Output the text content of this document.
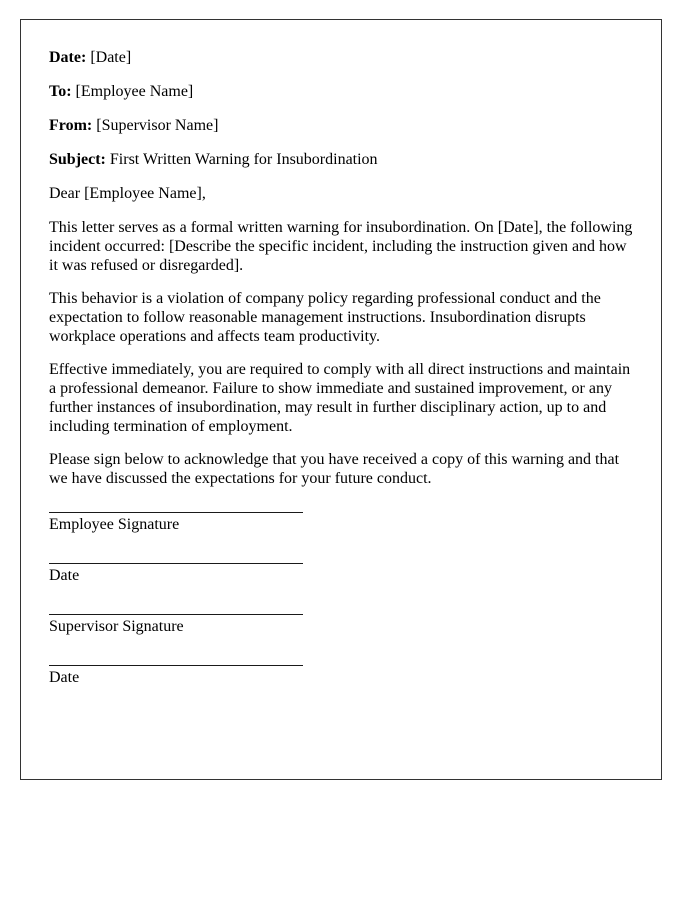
Date: [Date]

To: [Employee Name]

From: [Supervisor Name]

Subject: First Written Warning for Insubordination

Dear [Employee Name],

This letter serves as a formal written warning for insubordination. On [Date], the following incident occurred: [Describe the specific incident, including the instruction given and how it was refused or disregarded].

This behavior is a violation of company policy regarding professional conduct and the expectation to follow reasonable management instructions. Insubordination disrupts workplace operations and affects team productivity.

Effective immediately, you are required to comply with all direct instructions and maintain a professional demeanor. Failure to show immediate and sustained improvement, or any further instances of insubordination, may result in further disciplinary action, up to and including termination of employment.

Please sign below to acknowledge that you have received a copy of this warning and that we have discussed the expectations for your future conduct.

Employee Signature
Date
Supervisor Signature
Date
